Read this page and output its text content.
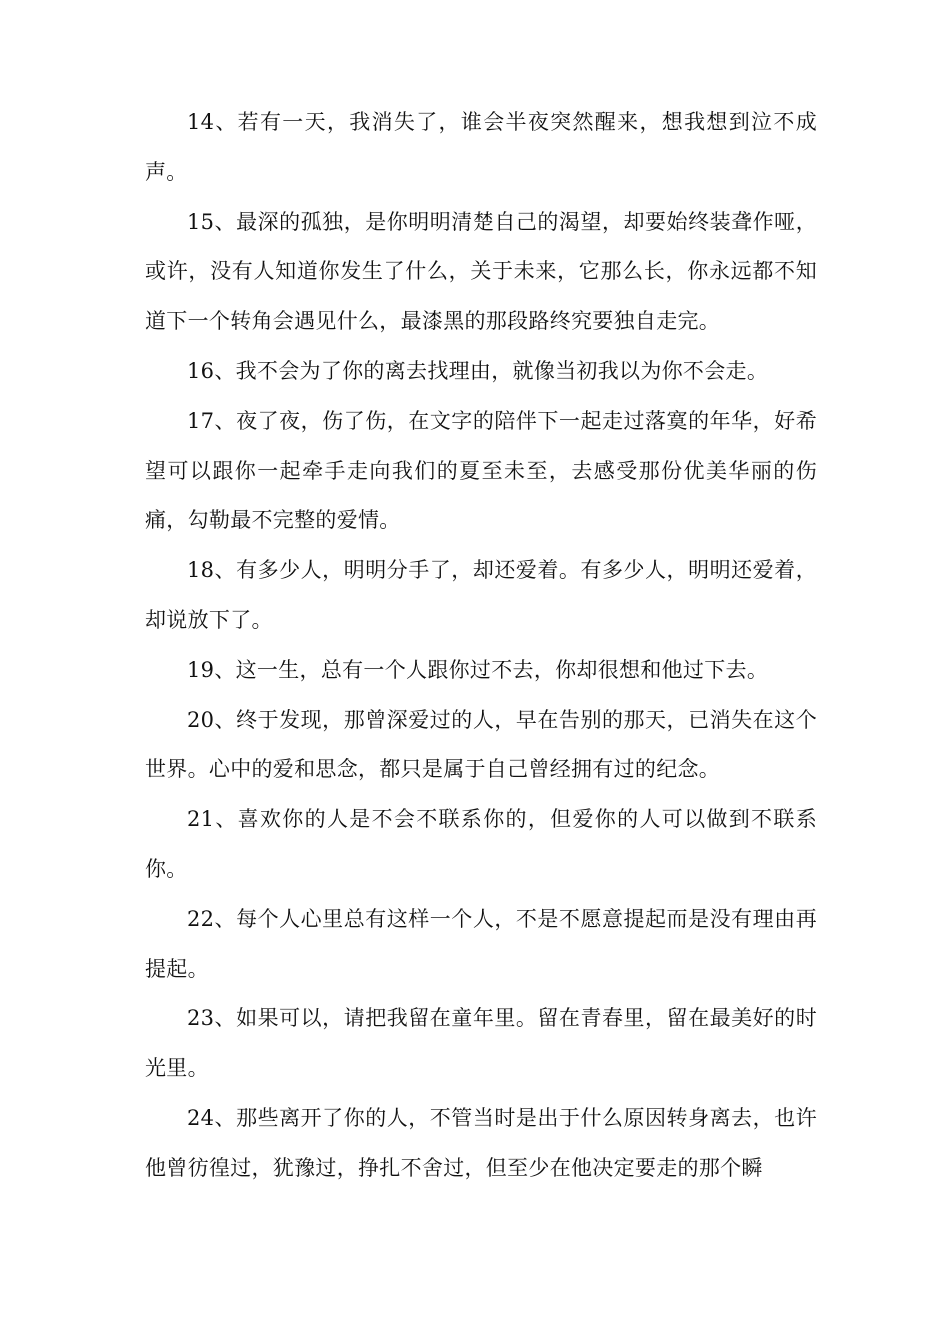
14、若有一天，我消失了，谁会半夜突然醒来，想我想到泣不成声。

15、最深的孤独，是你明明清楚自己的渴望，却要始终装聋作哑，或许，没有人知道你发生了什么，关于未来，它那么长，你永远都不知道下一个转角会遇见什么，最漆黑的那段路终究要独自走完。

16、我不会为了你的离去找理由，就像当初我以为你不会走。

17、夜了夜，伤了伤，在文字的陪伴下一起走过落寞的年华，好希望可以跟你一起牵手走向我们的夏至未至，去感受那份优美华丽的伤痛，勾勒最不完整的爱情。

18、有多少人，明明分手了，却还爱着。有多少人，明明还爱着，却说放下了。

19、这一生，总有一个人跟你过不去，你却很想和他过下去。

20、终于发现，那曾深爱过的人，早在告别的那天，已消失在这个世界。心中的爱和思念，都只是属于自己曾经拥有过的纪念。

21、喜欢你的人是不会不联系你的，但爱你的人可以做到不联系你。

22、每个人心里总有这样一个人，不是不愿意提起而是没有理由再提起。

23、如果可以，请把我留在童年里。留在青春里，留在最美好的时光里。

24、那些离开了你的人，不管当时是出于什么原因转身离去，也许他曾彷徨过，犹豫过，挣扎不舍过，但至少在他决定要走的那个瞬
